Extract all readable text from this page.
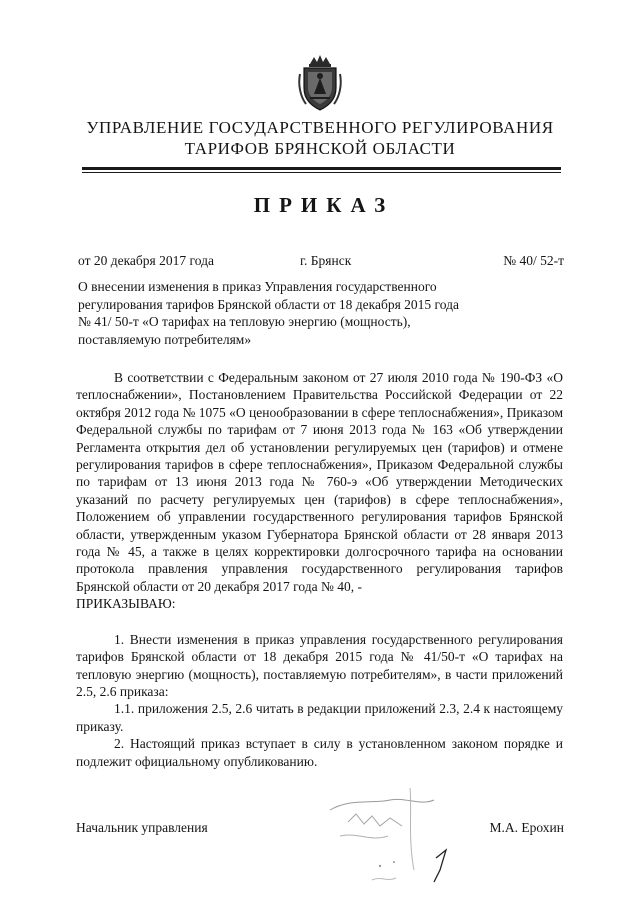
УПРАВЛЕНИЕ ГОСУДАРСТВЕННОГО РЕГУЛИРОВАНИЯ
ТАРИФОВ БРЯНСКОЙ ОБЛАСТИ
ПРИКАЗ
от 20 декабря 2017 года	г. Брянск	№ 40/ 52-т
О внесении изменения в приказ Управления государственного
регулирования тарифов Брянской области от 18 декабря 2015 года
№ 41/ 50-т «О тарифах на тепловую энергию (мощность),
поставляемую потребителям»

В соответствии с Федеральным законом от 27 июля 2010 года № 190-ФЗ «О теплоснабжении», Постановлением Правительства Российской Федерации от 22 октября 2012 года № 1075 «О ценообразовании в сфере теплоснабжения», Приказом Федеральной службы по тарифам от 7 июня 2013 года № 163 «Об утверждении Регламента открытия дел об установлении регулируемых цен (тарифов) и отмене регулирования тарифов в сфере теплоснабжения», Приказом Федеральной службы по тарифам от 13 июня 2013 года № 760-э «Об утверждении Методических указаний по расчету регулируемых цен (тарифов) в сфере теплоснабжения», Положением об управлении государственного регулирования тарифов Брянской области, утвержденным указом Губернатора Брянской области от 28 января 2013 года № 45, а также в целях корректировки долгосрочного тарифа на основании протокола правления управления государственного регулирования тарифов Брянской области от 20 декабря 2017 года № 40, -

ПРИКАЗЫВАЮ:

1. Внести изменения в приказ управления государственного регулирования тарифов Брянской области от 18 декабря 2015 года № 41/50-т «О тарифах на тепловую энергию (мощность), поставляемую потребителям», в части приложений 2.5, 2.6 приказа:

1.1. приложения 2.5, 2.6 читать в редакции приложений 2.3, 2.4 к настоящему приказу.

2. Настоящий приказ вступает в силу в установленном законом порядке и подлежит официальному опубликованию.

Начальник управления	М.А. Ерохин
